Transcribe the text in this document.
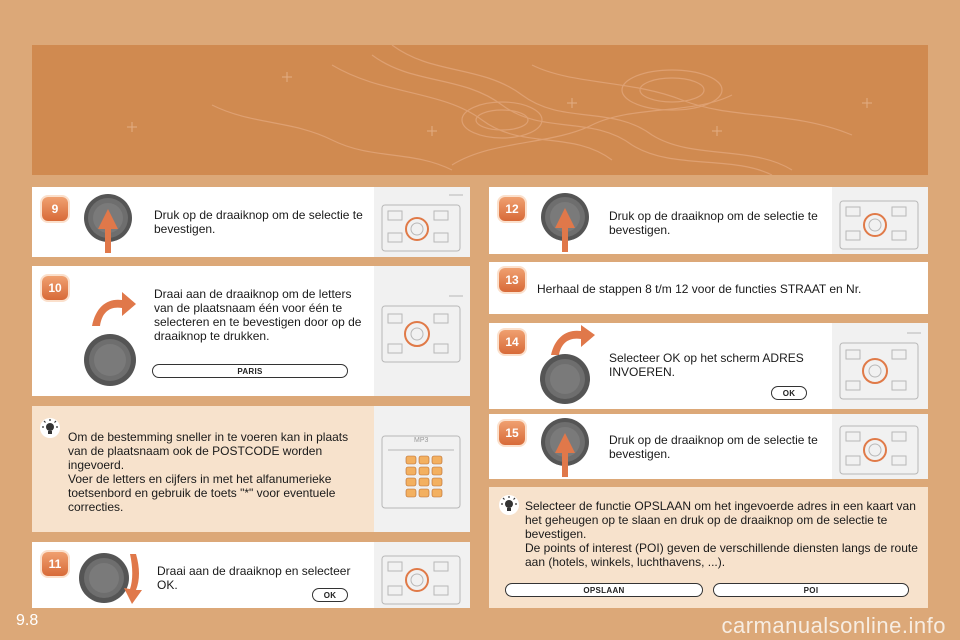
9	Druk op de draaiknop om de selectie te bevestigen.
10	Draai aan de draaiknop om de letters van de plaatsnaam één voor één te selecteren en te bevestigen door op de draaiknop te drukken.
PARIS
Om de bestemming sneller in te voeren kan in plaats van de plaatsnaam ook de POSTCODE worden ingevoerd.
Voer de letters en cijfers in met het alfanumerieke toetsenbord en gebruik de toets "*" voor eventuele correcties.
MP3
11	Draai aan de draaiknop en selecteer OK.
OK
12	Druk op de draaiknop om de selectie te bevestigen.
13
Herhaal de stappen 8 t/m 12 voor de functies STRAAT en Nr.
14
Selecteer OK op het scherm ADRES INVOEREN.
OK
15	Druk op de draaiknop om de selectie te bevestigen.
Selecteer de functie OPSLAAN om het ingevoerde adres in een kaart van het geheugen op te slaan en druk op de draaiknop om de selectie te bevestigen.
De points of interest (POI) geven de verschillende diensten langs de route aan (hotels, winkels, luchthavens, ...).
OPSLAAN	POI
9.8	carmanualsonline.info
